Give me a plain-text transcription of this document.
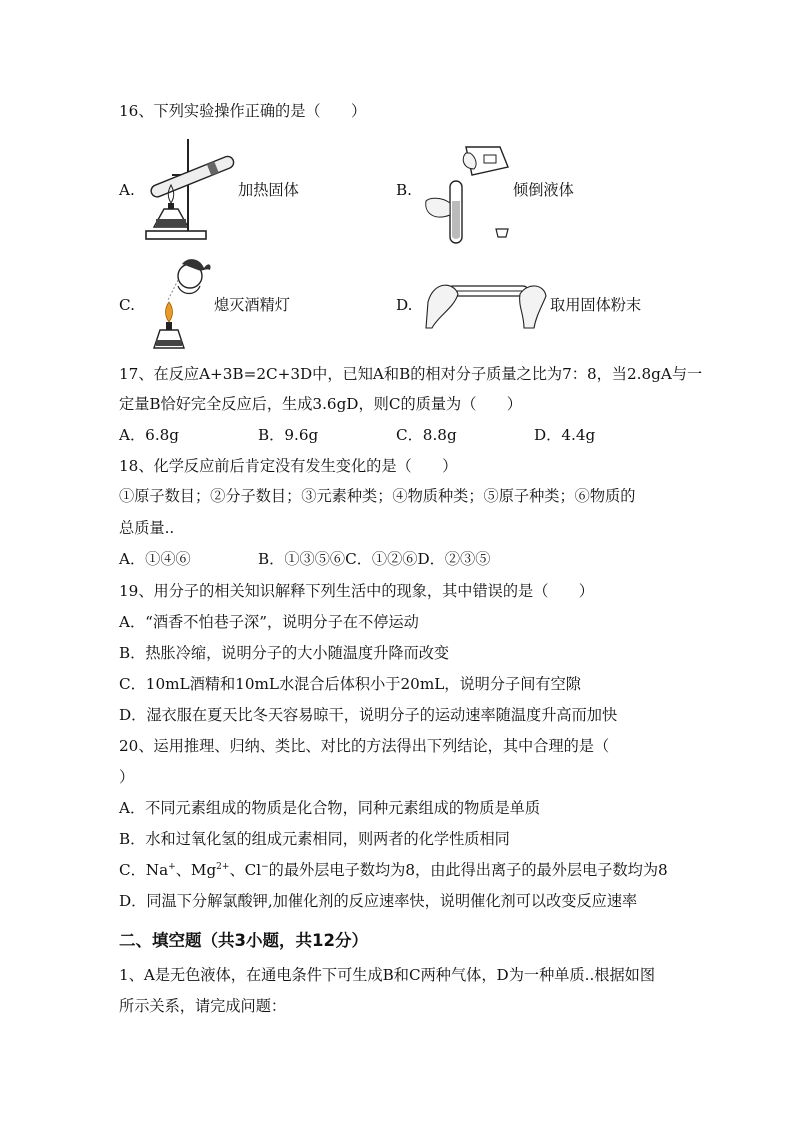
16、下列实验操作正确的是（　　）
A.	加热固体	B.	倾倒液体
C.	熄灭酒精灯	D.	取用固体粉末
17、在反应A+3B=2C+3D中，已知A和B的相对分子质量之比为7：8，当2.8gA与一
定量B恰好完全反应后，生成3.6gD，则C的质量为（　　）
A．6.8g	B．9.6g	C．8.8g	D．4.4g
18、化学反应前后肯定没有发生变化的是（　　）
①原子数目；②分子数目；③元素种类；④物质种类；⑤原子种类；⑥物质的
总质量..
A．①④⑥	B．①③⑤⑥C．①②⑥D．②③⑤
19、用分子的相关知识解释下列生活中的现象，其中错误的是（　　）
A．“酒香不怕巷子深”，说明分子在不停运动
B．热胀冷缩，说明分子的大小随温度升降而改变
C．10mL酒精和10mL水混合后体积小于20mL，说明分子间有空隙
D．湿衣服在夏天比冬天容易晾干，说明分子的运动速率随温度升高而加快
20、运用推理、归纳、类比、对比的方法得出下列结论，其中合理的是（
）
A．不同元素组成的物质是化合物，同种元素组成的物质是单质
B．水和过氧化氢的组成元素相同，则两者的化学性质相同
C．Na+、$Mg^{2+}$、Cl−的最外层电子数均为8，由此得出离子的最外层电子数均为8
D．同温下分解氯酸钾,加催化剂的反应速率快，说明催化剂可以改变反应速率
二、填空题（共3小题，共12分）
1、A是无色液体，在通电条件下可生成B和C两种气体，D为一种单质..根据如图
所示关系，请完成问题：
